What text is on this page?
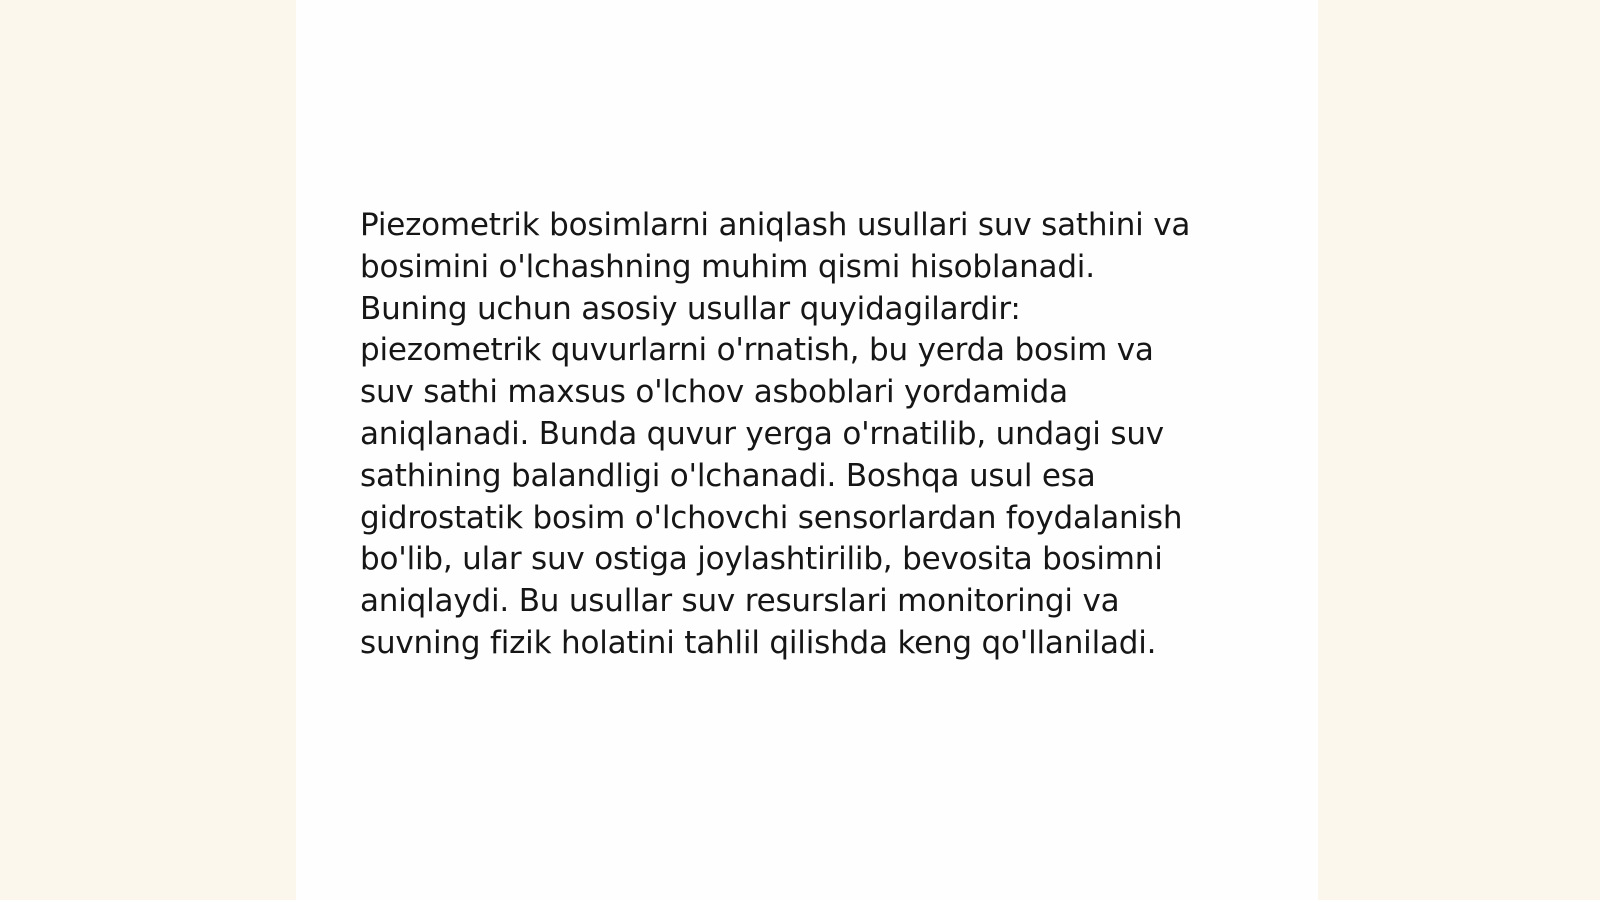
Piezometrik bosimlarni aniqlash usullari suv sathini va
bosimini o'lchashning muhim qismi hisoblanadi.
Buning uchun asosiy usullar quyidagilardir:
piezometrik quvurlarni o'rnatish, bu yerda bosim va
suv sathi maxsus o'lchov asboblari yordamida
aniqlanadi. Bunda quvur yerga o'rnatilib, undagi suv
sathining balandligi o'lchanadi. Boshqa usul esa
gidrostatik bosim o'lchovchi sensorlardan foydalanish
bo'lib, ular suv ostiga joylashtirilib, bevosita bosimni
aniqlaydi. Bu usullar suv resurslari monitoringi va
suvning fizik holatini tahlil qilishda keng qo'llaniladi.
